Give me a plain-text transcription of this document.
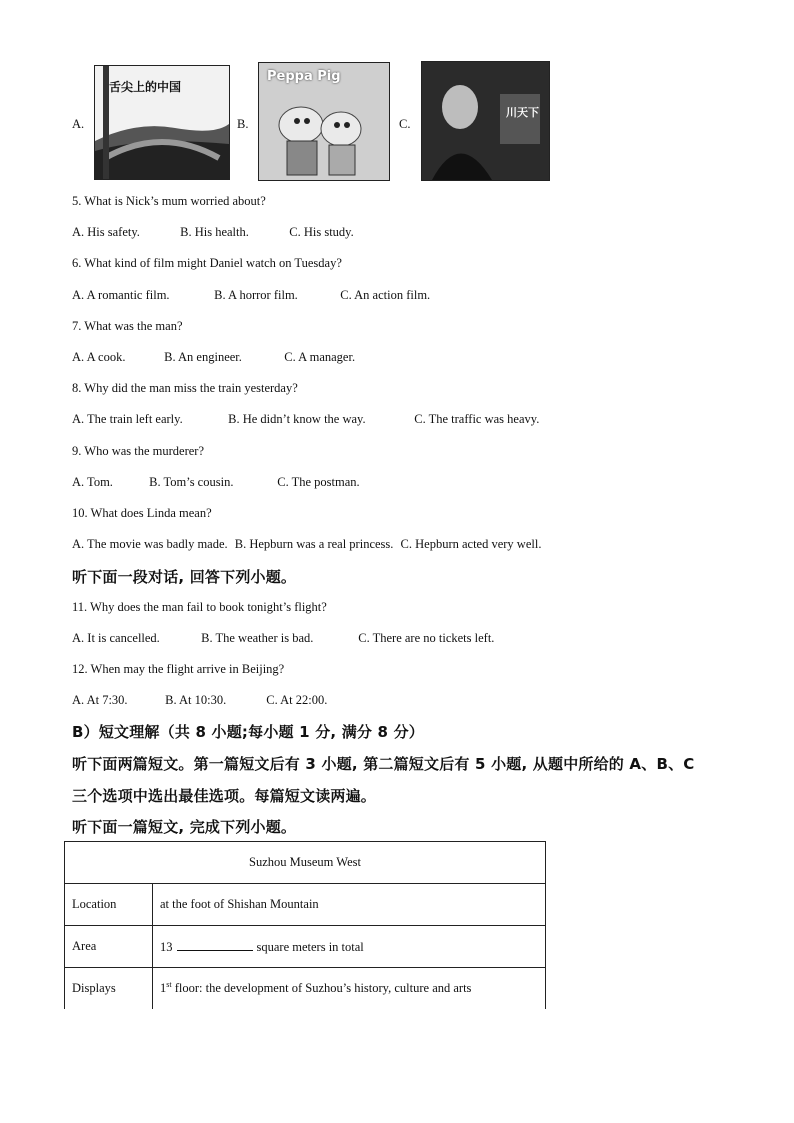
A.
舌尖上的中国
B.
Peppa Pig
C.
川天下
5. What is Nick’s mum worried about?
A. His safety.	B. His health.	C. His study.
6. What kind of film might Daniel watch on Tuesday?
A. A romantic film.	B. A horror film.	C. An action film.
7. What was the man?
A. A cook.	B. An engineer.	C. A manager.
8. Why did the man miss the train yesterday?
A. The train left early.	B. He didn’t know the way.	C. The traffic was heavy.
9. Who was the murderer?
A. Tom.	B. Tom’s cousin.	C. The postman.
10. What does Linda mean?
A. The movie was badly made. B. Hepburn was a real princess. C. Hepburn acted very well.
听下面一段对话, 回答下列小题。
11. Why does the man fail to book tonight’s flight?
A. It is cancelled.	B. The weather is bad.	C. There are no tickets left.
12. When may the flight arrive in Beijing?
A. At 7:30.	B. At 10:30.	C. At 22:00.
B）短文理解（共 8 小题;每小题 1 分, 满分 8 分）
听下面两篇短文。第一篇短文后有 3 小题, 第二篇短文后有 5 小题, 从题中所给的 A、B、C
三个选项中选出最佳选项。每篇短文读两遍。
听下面一篇短文, 完成下列小题。
Suzhou Museum West	
Location	at the foot of Shishan Mountain
Area	13 square meters in total
Displays	1st floor: the development of Suzhou’s history, culture and arts
